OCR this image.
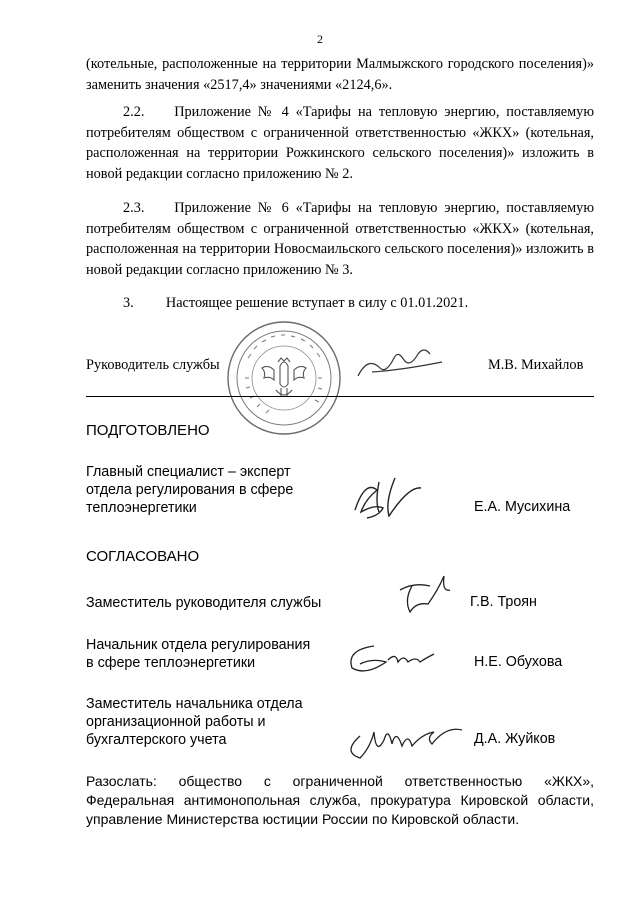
2
(котельные, расположенные на территории Малмыжского городского поселения)» заменить значения «2517,4» значениями «2124,6».
2.2. Приложение № 4 «Тарифы на тепловую энергию, поставляемую потребителям обществом с ограниченной ответственностью «ЖКХ» (котельная, расположенная на территории Рожкинского сельского поселения)» изложить в новой редакции согласно приложению № 2.
2.3. Приложение № 6 «Тарифы на тепловую энергию, поставляемую потребителям обществом с ограниченной ответственностью «ЖКХ» (котельная, расположенная на территории Новосмаильского сельского поселения)» изложить в новой редакции согласно приложению № 3.
3. Настоящее решение вступает в силу с 01.01.2021.
Руководитель службы	М.В. Михайлов
ПОДГОТОВЛЕНО
Главный специалист – эксперт
отдела регулирования в сфере
теплоэнергетики	Е.А. Мусихина
СОГЛАСОВАНО
Заместитель руководителя службы	Г.В. Троян
Начальник отдела регулирования
в сфере теплоэнергетики	Н.Е. Обухова
Заместитель начальника отдела
организационной работы и
бухгалтерского учета	Д.А. Жуйков
Разослать: общество с ограниченной ответственностью «ЖКХ», Федеральная антимонопольная служба, прокуратура Кировской области, управление Министерства юстиции России по Кировской области.
